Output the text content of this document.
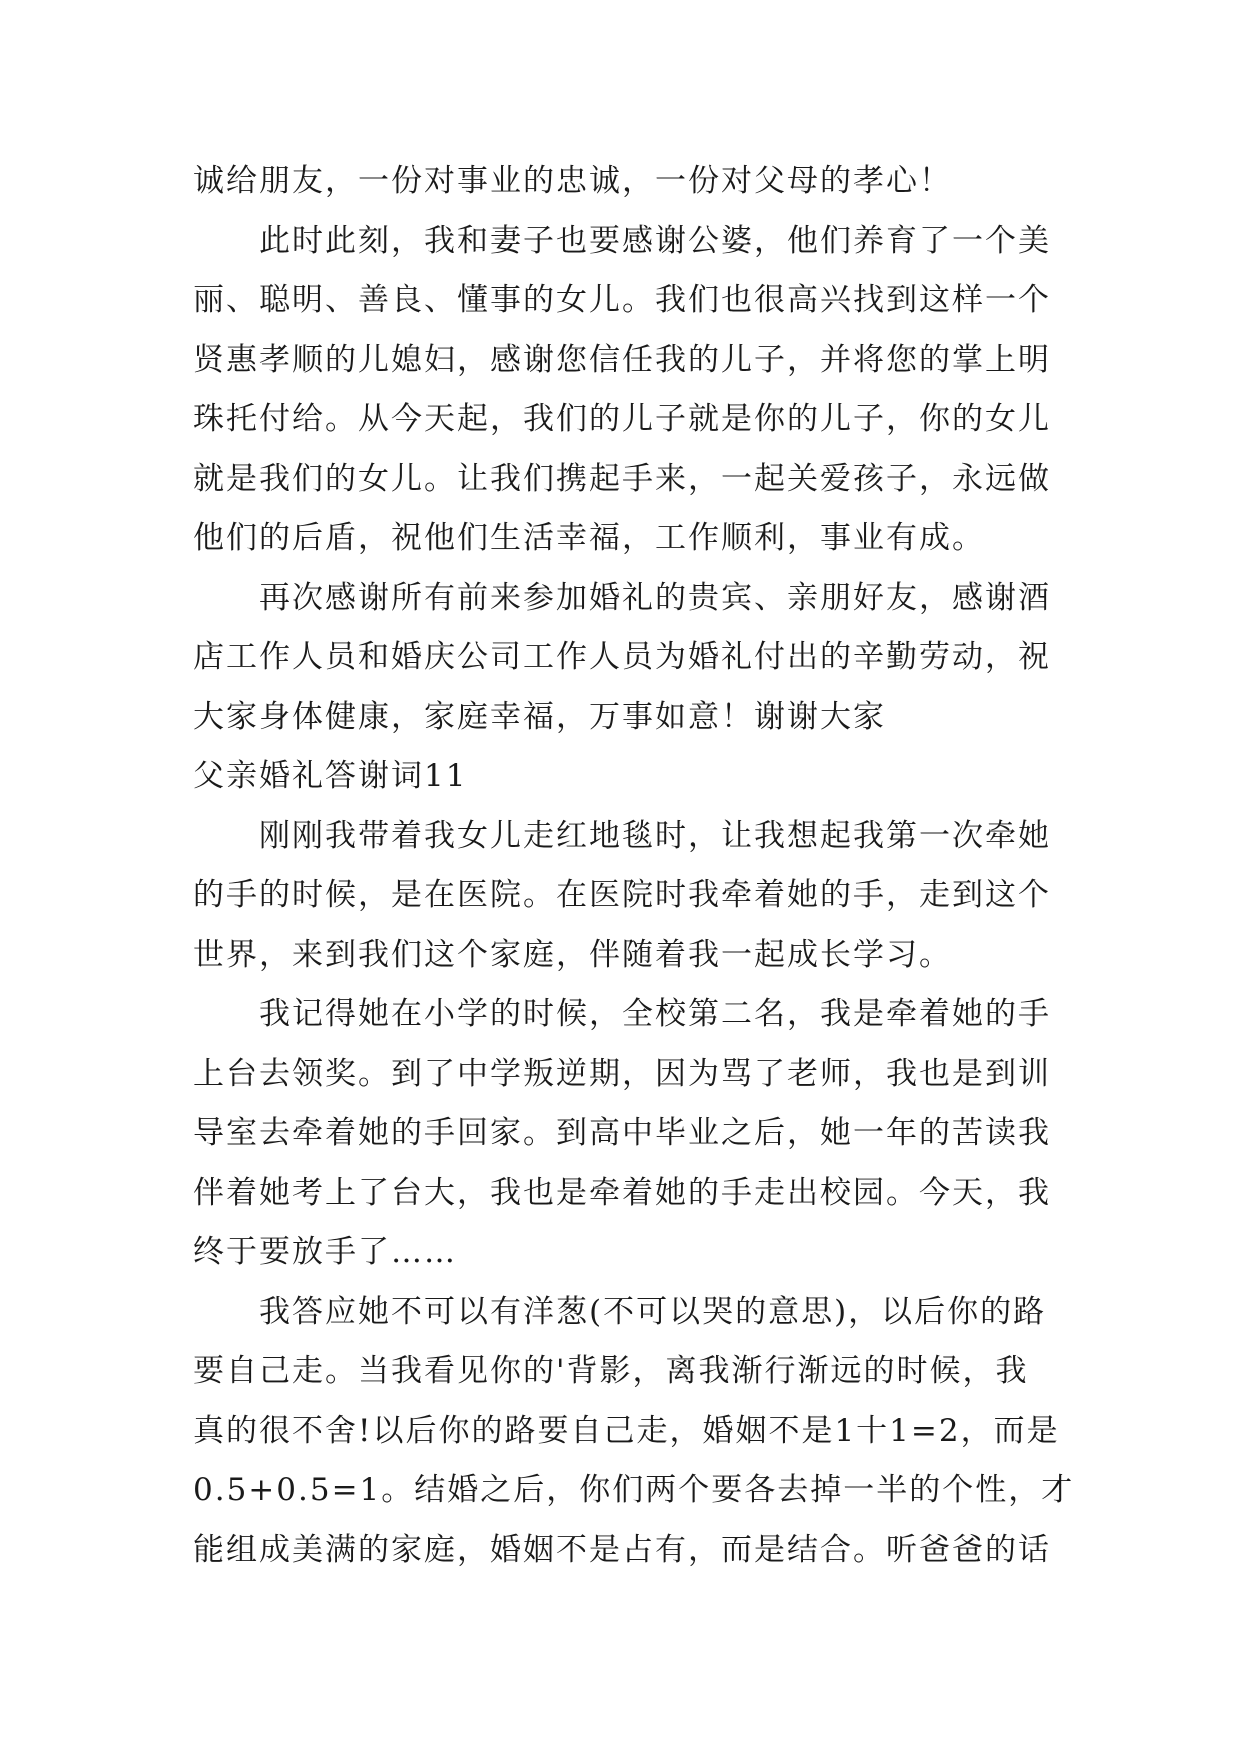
诚给朋友，一份对事业的忠诚，一份对父母的孝心！
此时此刻，我和妻子也要感谢公婆，他们养育了一个美
丽、聪明、善良、懂事的女儿。我们也很高兴找到这样一个
贤惠孝顺的儿媳妇，感谢您信任我的儿子，并将您的掌上明
珠托付给。从今天起，我们的儿子就是你的儿子，你的女儿
就是我们的女儿。让我们携起手来，一起关爱孩子，永远做
他们的后盾，祝他们生活幸福，工作顺利，事业有成。
再次感谢所有前来参加婚礼的贵宾、亲朋好友，感谢酒
店工作人员和婚庆公司工作人员为婚礼付出的辛勤劳动，祝
大家身体健康，家庭幸福，万事如意！谢谢大家
父亲婚礼答谢词11
刚刚我带着我女儿走红地毯时，让我想起我第一次牵她
的手的时候，是在医院。在医院时我牵着她的手，走到这个
世界，来到我们这个家庭，伴随着我一起成长学习。
我记得她在小学的时候，全校第二名，我是牵着她的手
上台去领奖。到了中学叛逆期，因为骂了老师，我也是到训
导室去牵着她的手回家。到高中毕业之后，她一年的苦读我
伴着她考上了台大，我也是牵着她的手走出校园。今天，我
终于要放手了……
我答应她不可以有洋葱(不可以哭的意思)，以后你的路
要自己走。当我看见你的'背影，离我渐行渐远的时候，我
真的很不舍!以后你的路要自己走，婚姻不是1十1=2，而是
0.5+0.5=1。结婚之后，你们两个要各去掉一半的个性，才
能组成美满的家庭，婚姻不是占有，而是结合。听爸爸的话
